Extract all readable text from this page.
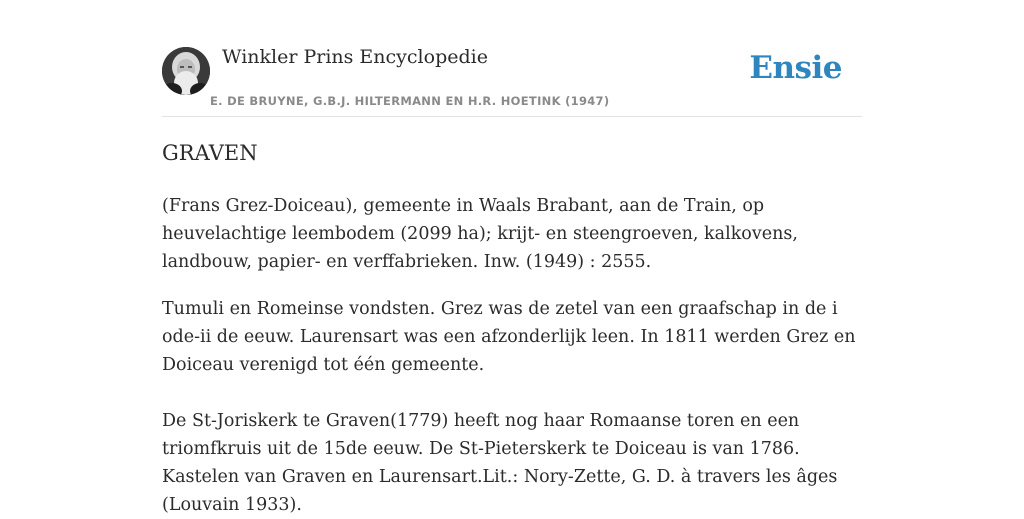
Winkler Prins Encyclopedie
E. DE BRUYNE, G.B.J. HILTERMANN EN H.R. HOETINK (1947)
Ensie
GRAVEN

(Frans Grez-Doiceau), gemeente in Waals Brabant, aan de Train, op heuvelachtige leembodem (2099 ha); krijt- en steengroeven, kalkovens, landbouw, papier- en verffabrieken. Inw. (1949) : 2555.

Tumuli en Romeinse vondsten. Grez was de zetel van een graafschap in de i ode-ii de eeuw. Laurensart was een afzonderlijk leen. In 1811 werden Grez en Doiceau verenigd tot één gemeente.

De St-Joriskerk te Graven(1779) heeft nog haar Romaanse toren en een triomfkruis uit de 15de eeuw. De St-Pieterskerk te Doiceau is van 1786. Kastelen van Graven en Laurensart.Lit.: Nory-Zette, G. D. à travers les âges (Louvain 1933).
